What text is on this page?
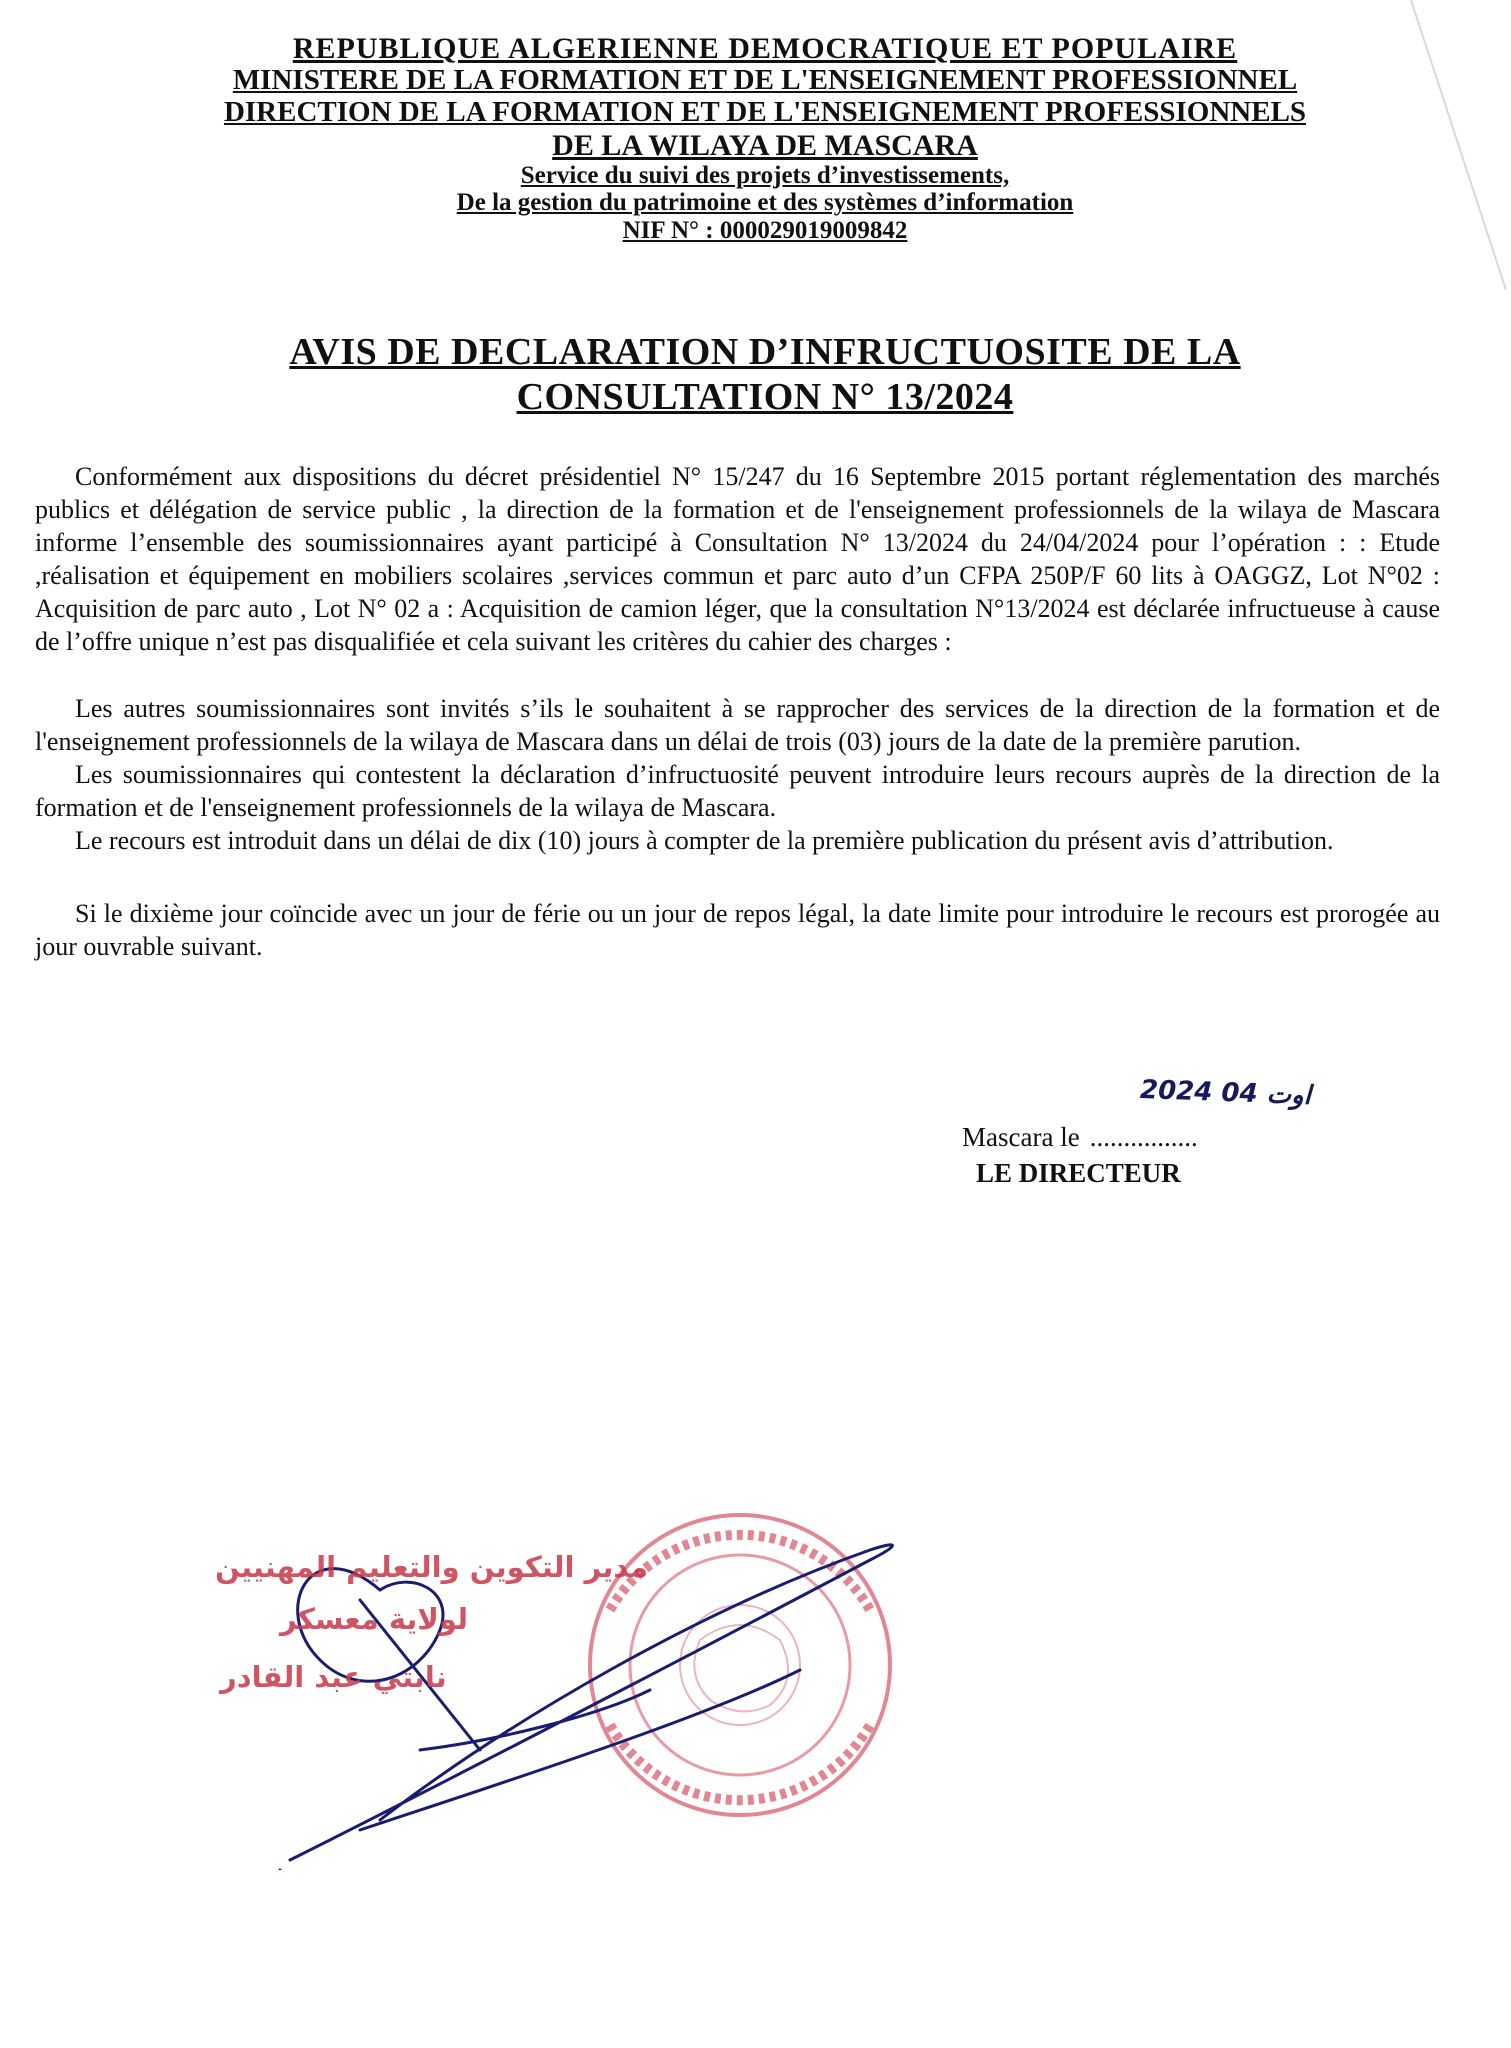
REPUBLIQUE ALGERIENNE DEMOCRATIQUE ET POPULAIRE
MINISTERE DE LA FORMATION ET DE L'ENSEIGNEMENT PROFESSIONNEL
DIRECTION DE LA FORMATION ET DE L'ENSEIGNEMENT PROFESSIONNELS
DE LA WILAYA DE MASCARA
Service du suivi des projets d’investissements,
De la gestion du patrimoine et des systèmes d’information
NIF N° : 000029019009842
AVIS DE DECLARATION D’INFRUCTUOSITE DE LA
CONSULTATION N° 13/2024

Conformément aux dispositions du décret présidentiel N° 15/247 du 16 Septembre 2015 portant réglementation des marchés publics et délégation de service public , la direction de la formation et de l'enseignement professionnels de la wilaya de Mascara informe l’ensemble des soumissionnaires ayant participé à Consultation N° 13/2024 du 24/04/2024 pour l’opération : : Etude ,réalisation et équipement en mobiliers scolaires ,services commun et parc auto d’un CFPA 250P/F 60 lits à OAGGZ, Lot N°02 : Acquisition de parc auto , Lot N° 02 a : Acquisition de camion léger, que la consultation N°13/2024 est déclarée infructueuse à cause de l’offre unique n’est pas disqualifiée et cela suivant les critères du cahier des charges :

Les autres soumissionnaires sont invités s’ils le souhaitent à se rapprocher des services de la direction de la formation et de l'enseignement professionnels de la wilaya de Mascara dans un délai de trois (03) jours de la date de la première parution.

Les soumissionnaires qui contestent la déclaration d’infructuosité peuvent introduire leurs recours auprès de la direction de la formation et de l'enseignement professionnels de la wilaya de Mascara.

Le recours est introduit dans un délai de dix (10) jours à compter de la première publication du présent avis d’attribution.

Si le dixième jour coïncide avec un jour de férie ou un jour de repos légal, la date limite pour introduire le recours est prorogée au jour ouvrable suivant.

2024 اوت 04
Mascara le ................
LE DIRECTEUR
مدير التكوين والتعليم المهنيين
لولاية معسكر
نابتي عبد القادر
